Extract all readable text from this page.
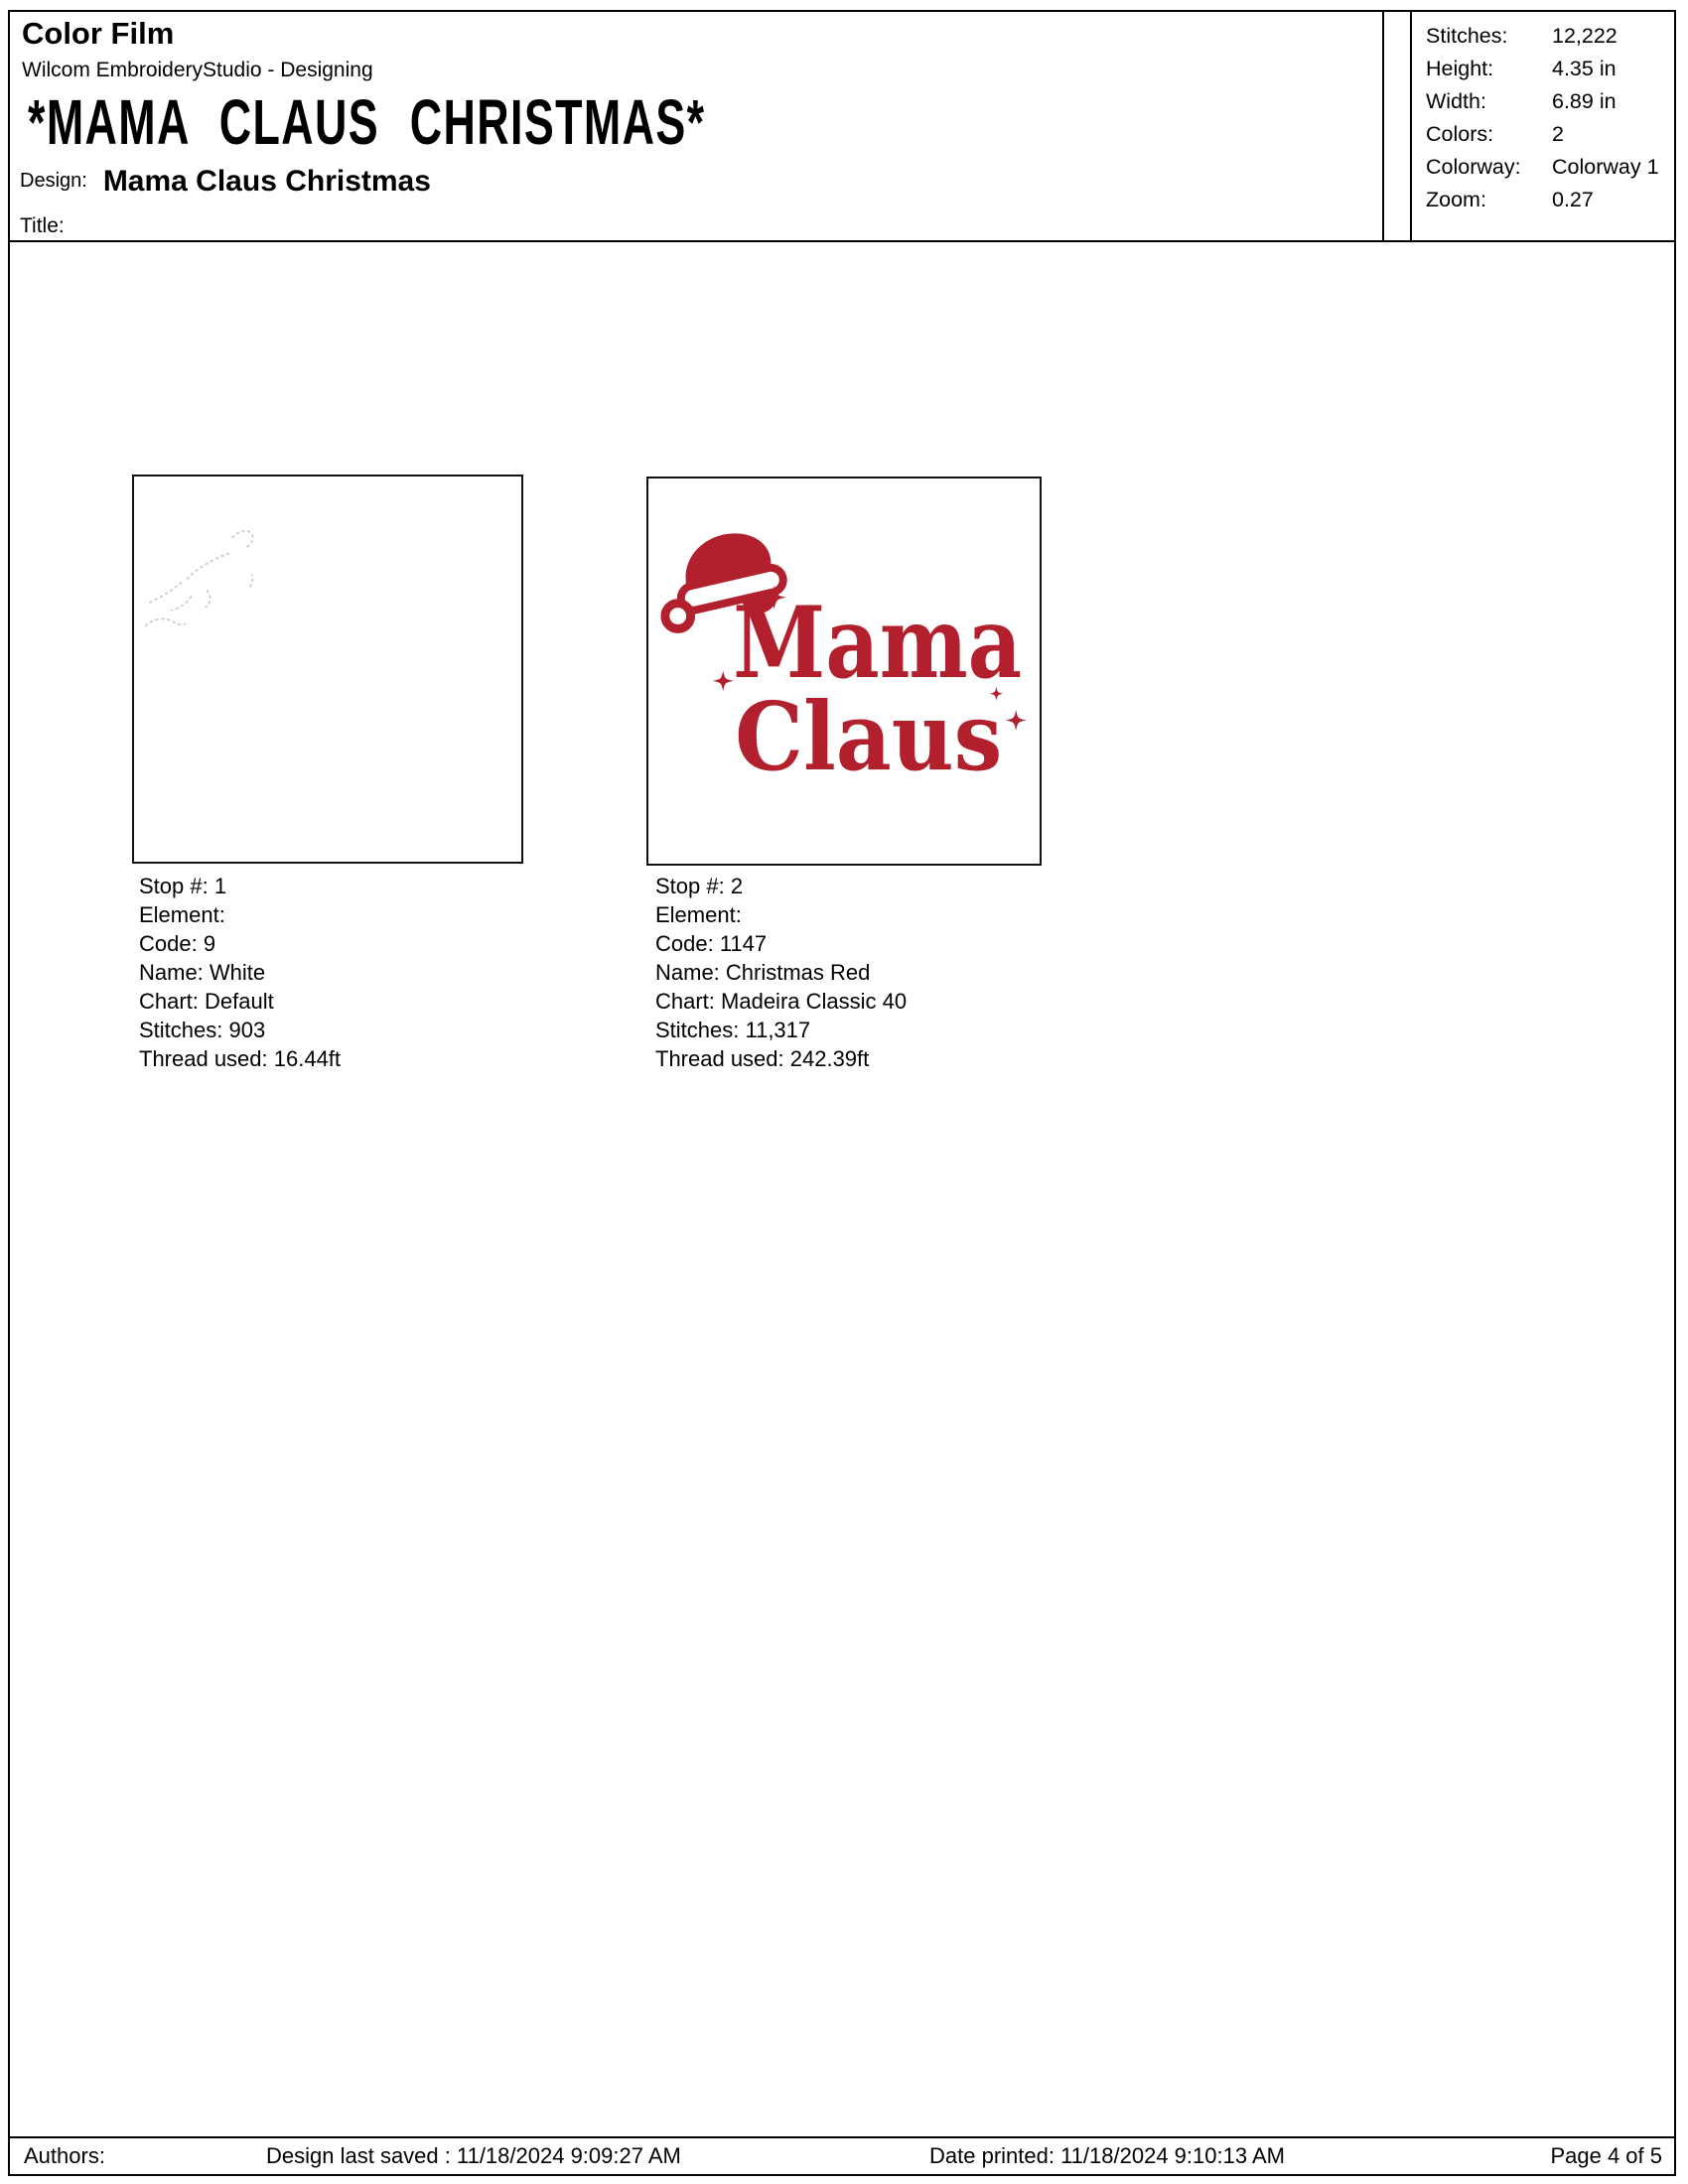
Color Film
Wilcom EmbroideryStudio - Designing
*MAMA CLAUS CHRISTMAS*
Design: Mama Claus Christmas
Title:
Stitches:	12,222
Height:	4.35 in
Width:	6.89 in
Colors:	2
Colorway:	Colorway 1
Zoom:	0.27
Mama
Claus
Stop #: 1
Element:
Code: 9
Name: White
Chart: Default
Stitches: 903
Thread used: 16.44ft
Stop #: 2
Element:
Code: 1147
Name: Christmas Red
Chart: Madeira Classic 40
Stitches: 11,317
Thread used: 242.39ft
Authors:	Design last saved : 11/18/2024 9:09:27 AM	Date printed: 11/18/2024 9:10:13 AM	Page 4 of 5
